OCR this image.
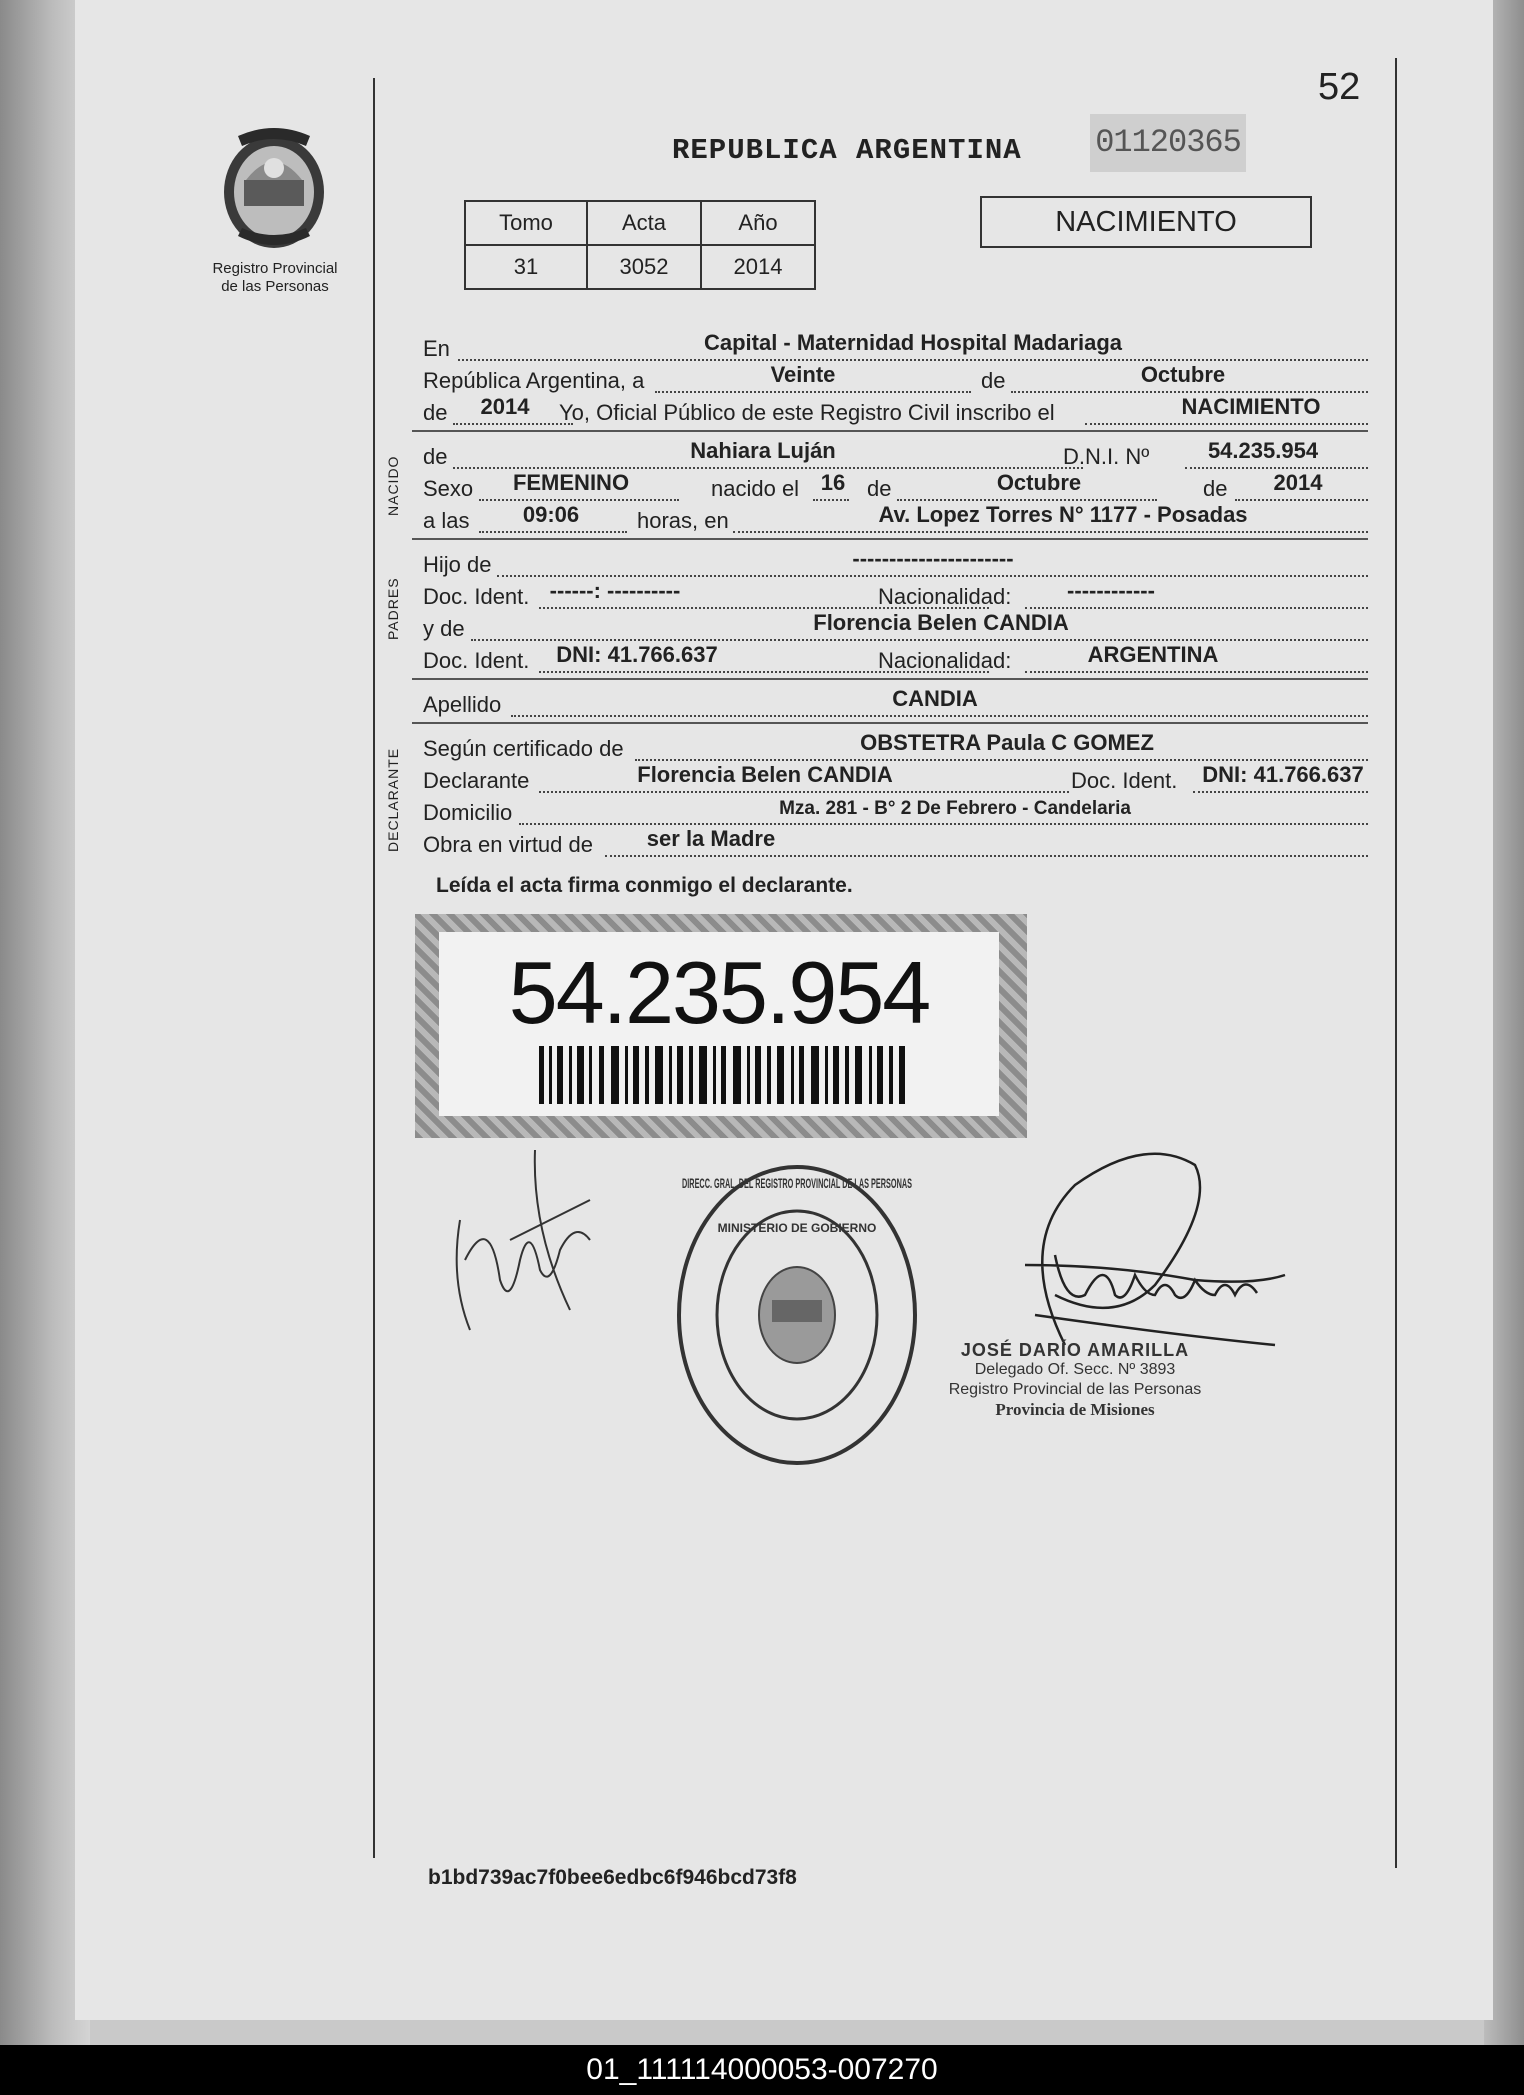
52
Registro Provincial
de las Personas
REPUBLICA ARGENTINA 01120365
Tomo	Acta	Año
31	3052	2014
NACIMIENTO
En	Capital - Maternidad Hospital Madariaga
República Argentina, a	Veinte	de	Octubre
de 2014 Yo, Oficial Público de este Registro Civil inscribo el	NACIMIENTO
NACIDO de	Nahiara Luján	D.N.I. Nº	54.235.954
Sexo FEMENINO	nacido el 16 de	Octubre	de 2014
a las 09:06	horas, en	Av. Lopez Torres N° 1177 - Posadas
PADRES
Hijo de	----------------------
Doc. Ident. ------: ----------	Nacionalidad:	------------
y de	Florencia Belen CANDIA
Doc. Ident. DNI: 41.766.637	Nacionalidad:	ARGENTINA
Apellido	CANDIA
DECLARANTE Según certificado de	OBSTETRA Paula C GOMEZ
Declarante	Florencia Belen CANDIA	Doc. Ident. DNI: 41.766.637
Domicilio	Mza. 281 - B° 2 De Febrero - Candelaria
Obra en virtud de ser la Madre
Leída el acta firma conmigo el declarante.
54.235.954
DIRECC. GRAL. DEL REGISTRO PROVINCIAL DE LAS PERSONAS
MINISTERIO DE GOBIERNO
JOSÉ DARÍO AMARILLA
Delegado Of. Secc. Nº 3893
Registro Provincial de las Personas
Provincia de Misiones
b1bd739ac7f0bee6edbc6f946bcd73f8
01_111114000053-007270
